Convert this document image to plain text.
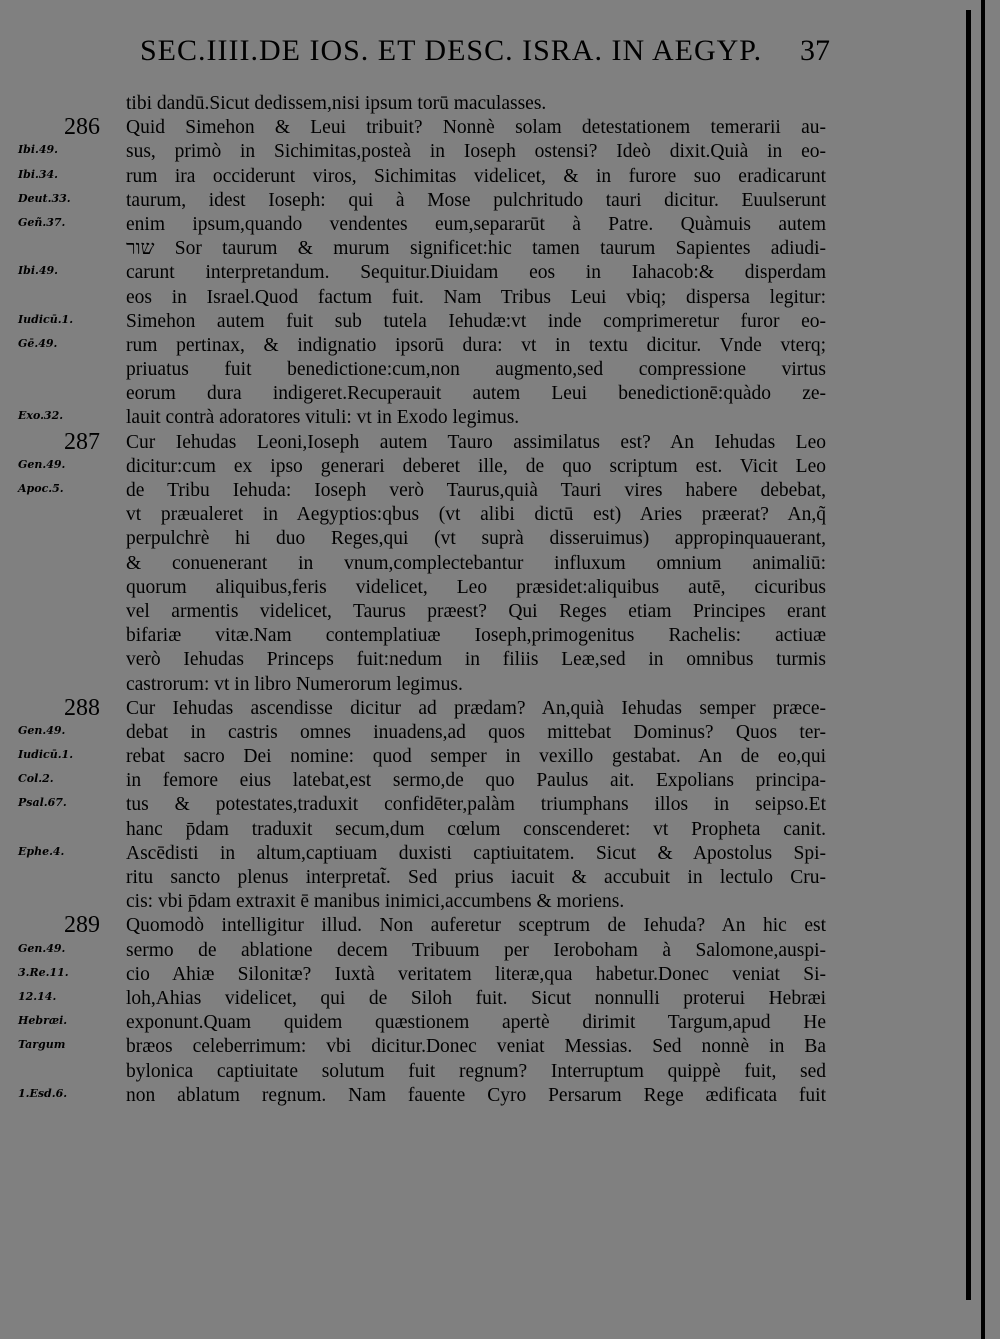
SEC.IIII.DE IOS. ET DESC. ISRA. IN AEGYP. 37
tibi dandū.Sicut dedissem,nisi ipsum torū maculasses.
286 Quid Simehon & Leui tribuit? Nonnè solam detestationem temerarii au-
Ibi.49.	sus, primò in Sichimitas,posteà in Ioseph ostensi? Ideò dixit.Quià in eo-
Ibi.34.	rum ira occiderunt viros, Sichimitas videlicet, & in furore suo eradicarunt
Deut.33.	taurum, idest Ioseph: qui à Mose pulchritudo tauri dicitur. Euulserunt
Geñ.37.	enim ipsum,quando vendentes eum,separarūt à Patre. Quàmuis autem
שור Sor taurum & murum significet:hic tamen taurum Sapientes adiudi-
Ibi.49.	carunt interpretandum. Sequitur.Diuidam eos in Iahacob:& disperdam
eos in Israel.Quod factum fuit. Nam Tribus Leui vbiq; dispersa legitur:
Iudicū.1.	Simehon autem fuit sub tutela Iehudæ:vt inde comprimeretur furor eo-
Gē.49.	rum pertinax, & indignatio ipsorū dura: vt in textu dicitur. Vnde vterq;
priuatus fuit benedictione:cum,non augmento,sed compressione virtus
eorum dura indigeret.Recuperauit autem Leui benedictionē:quàdo ze-
Exo.32.	lauit contrà adoratores vituli: vt in Exodo legimus.
287 Cur Iehudas Leoni,Ioseph autem Tauro assimilatus est? An Iehudas Leo
Gen.49.	dicitur:cum ex ipso generari deberet ille, de quo scriptum est. Vicit Leo
Apoc.5.	de Tribu Iehuda: Ioseph verò Taurus,quià Tauri vires habere debebat,
vt præualeret in Aegyptios:qbus (vt alibi dictū est) Aries præerat? An,q̃
perpulchrè hi duo Reges,qui (vt suprà disseruimus) appropinquauerant,
& conuenerant in vnum,complectebantur influxum omnium animaliū:
quorum aliquibus,feris videlicet, Leo præsidet:aliquibus autē, cicuribus
vel armentis videlicet, Taurus præest? Qui Reges etiam Principes erant
bifariæ vitæ.Nam contemplatiuæ Ioseph,primogenitus Rachelis: actiuæ
verò Iehudas Princeps fuit:nedum in filiis Leæ,sed in omnibus turmis
castrorum: vt in libro Numerorum legimus.
288 Cur Iehudas ascendisse dicitur ad prædam? An,quià Iehudas semper præce-
Gen.49.	debat in castris omnes inuadens,ad quos mittebat Dominus? Quos ter-
Iudicū.1.	rebat sacro Dei nomine: quod semper in vexillo gestabat. An de eo,qui
Col.2.	in femore eius latebat,est sermo,de quo Paulus ait. Expolians principa-
Psal.67.	tus & potestates,traduxit confidēter,palàm triumphans illos in seipso.Et
hanc p̄dam traduxit secum,dum cœlum conscenderet: vt Propheta canit.
Ephe.4.	Ascēdisti in altum,captiuam duxisti captiuitatem. Sicut & Apostolus Spi-
ritu sancto plenus interpretat̃. Sed prius iacuit & accubuit in lectulo Cru-
cis: vbi p̄dam extraxit ē manibus inimici,accumbens & moriens.
289 Quomodò intelligitur illud. Non auferetur sceptrum de Iehuda? An hic est
Gen.49.	sermo de ablatione decem Tribuum per Ieroboham à Salomone,auspi-
3.Re.11.	cio Ahiæ Silonitæ? Iuxtà veritatem literæ,qua habetur.Donec veniat Si-
12.14.	loh,Ahias videlicet, qui de Siloh fuit. Sicut nonnulli proterui Hebræi
Hebræi.	exponunt.Quam quidem quæstionem apertè dirimit Targum,apud He
Targum	bræos celeberrimum: vbi dicitur.Donec veniat Messias. Sed nonnè in Ba
bylonica captiuitate solutum fuit regnum? Interruptum quippè fuit, sed
1.Esd.6.	non ablatum regnum. Nam fauente Cyro Persarum Rege ædificata fuit
